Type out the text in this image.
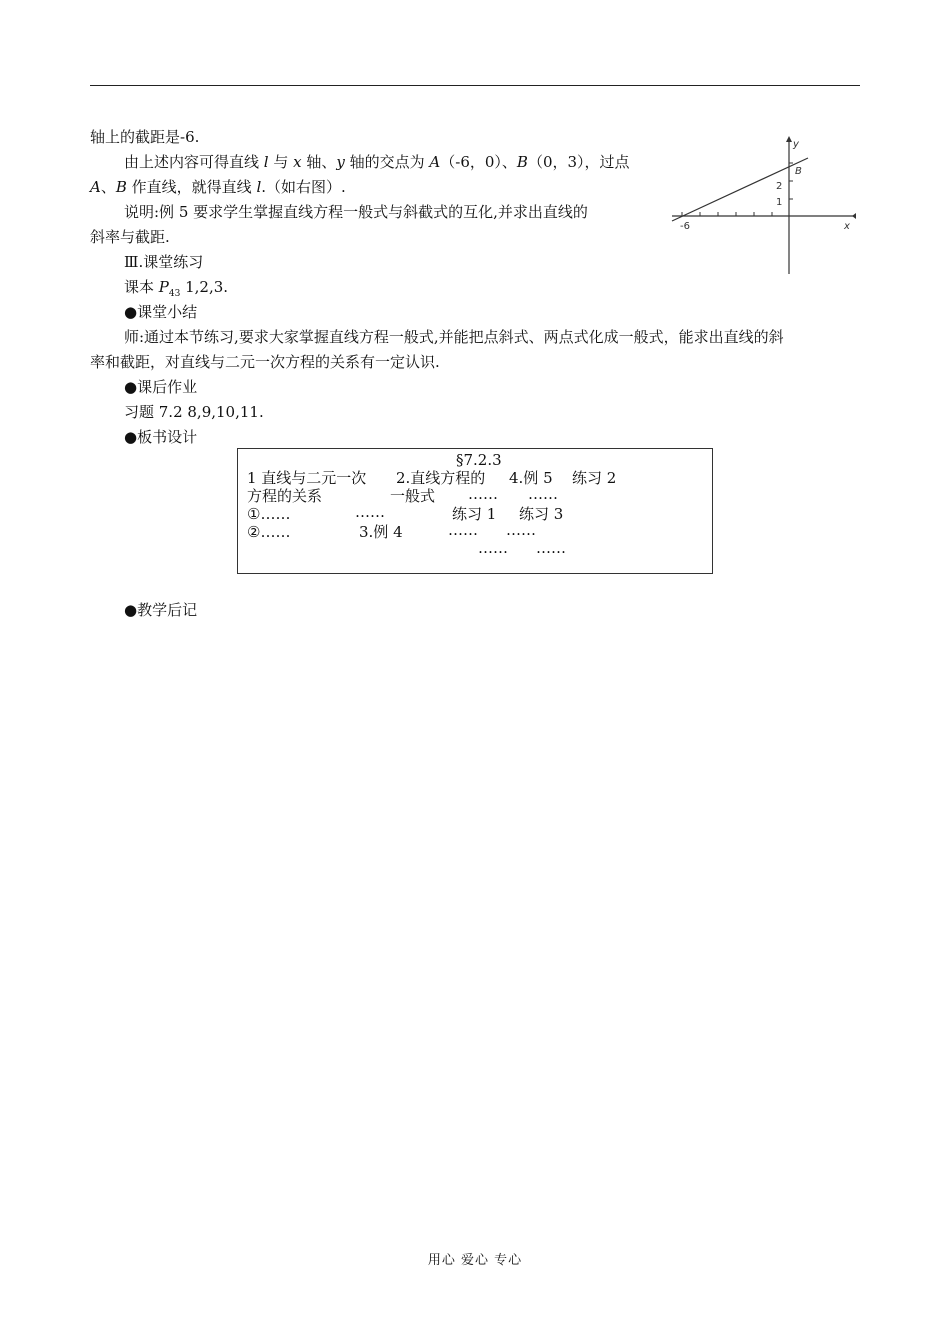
轴上的截距是-6.
由上述内容可得直线 l 与 x 轴、y 轴的交点为 A（-6，0）、B（0，3），过点
A、B 作直线，就得直线 l.（如右图）.
说明:例 5 要求学生掌握直线方程一般式与斜截式的互化,并求出直线的
斜率与截距.
Ⅲ.课堂练习
课本 $P_{43}$ 1,2,3.
●课堂小结
师:通过本节练习,要求大家掌握直线方程一般式,并能把点斜式、两点式化成一般式，能求出直线的斜
率和截距，对直线与二元一次方程的关系有一定认识.
●课后作业
习题 7.2 8,9,10,11.
●板书设计
§7.2.3
1 直线与二元一次 2.直线方程的 4.例 5 练习 2
方程的关系	一般式 …… ……
①……	……	练习 1 练习 3
②……	3.例 4	…… ……
…… ……
●教学后记
y
x
B
2
1
-6
用心 爱心 专心
